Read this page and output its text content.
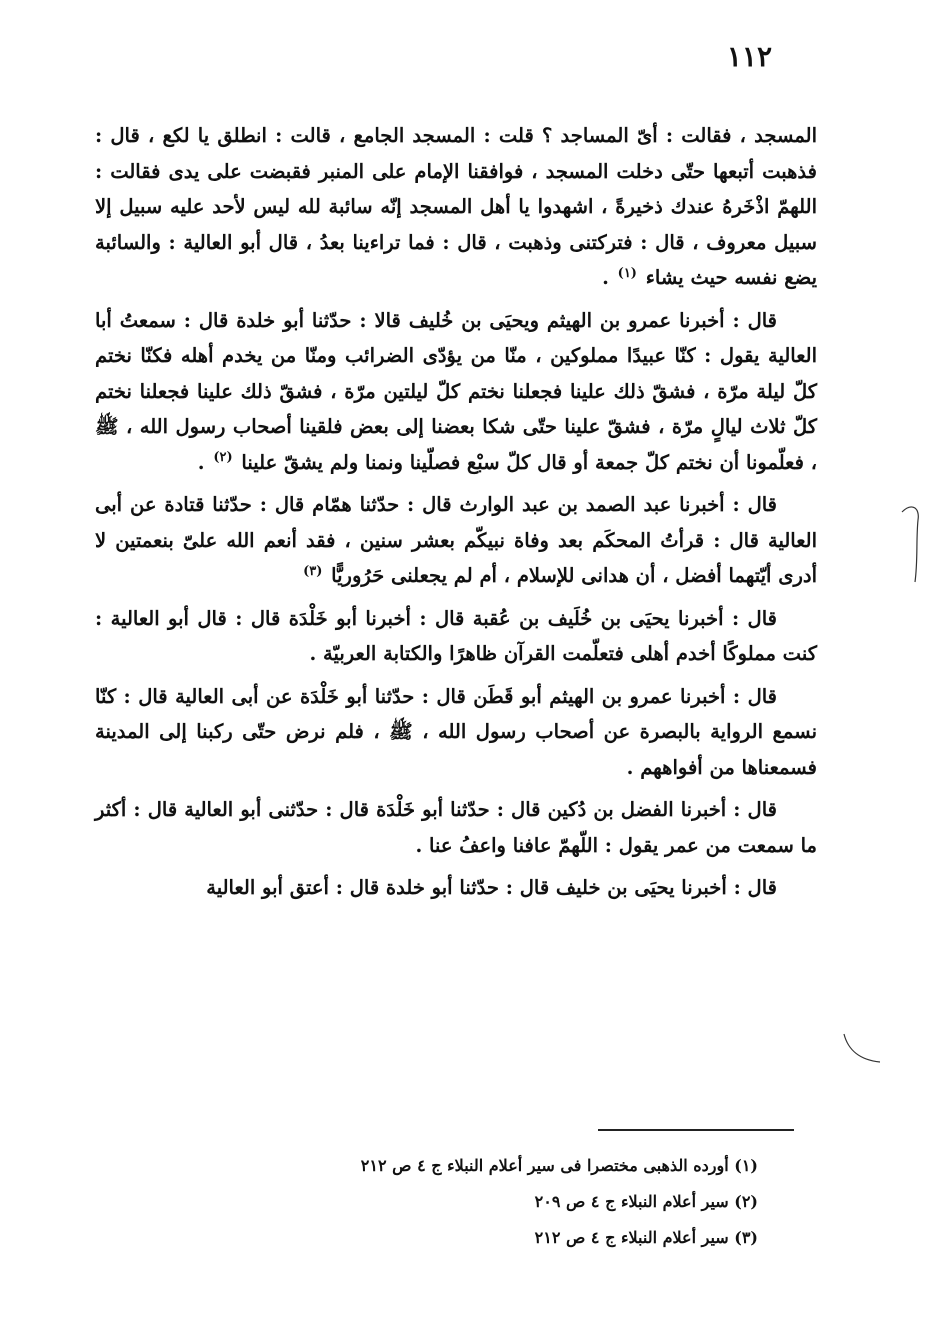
١١٢

المسجد ، فقالت : أىّ المساجد ؟ قلت : المسجد الجامع ، قالت : انطلق يا لكع ، قال : فذهبت أتبعها حتّى دخلت المسجد ، فوافقنا الإمام على المنبر فقبضت على يدى فقالت : اللهمّ اذْخَرهُ عندك ذخيرةً ، اشهدوا يا أهل المسجد إنّه سائبة لله ليس لأحد عليه سبيل إلا سبيل معروف ، قال : فتركتنى وذهبت ، قال : فما تراءينا بعدُ ، قال أبو العالية : والسائبة يضع نفسه حيث يشاء $^{(١)}$ .

قال : أخبرنا عمرو بن الهيثم ويحيَى بن خُليف قالا : حدّثنا أبو خلدة قال : سمعتُ أبا العالية يقول : كنّا عبيدًا مملوكين ، منّا من يؤدّى الضرائب ومنّا من يخدم أهله فكنّا نختم كلّ ليلة مرّة ، فشقّ ذلك علينا فجعلنا نختم كلّ ليلتين مرّة ، فشقّ ذلك علينا فجعلنا نختم كلّ ثلاث ليالٍ مرّة ، فشقّ علينا حتّى شكا بعضنا إلى بعض فلقينا أصحاب رسول الله ، ﷺ ، فعلّمونا أن نختم كلّ جمعة أو قال كلّ سبْع فصلّينا ونمنا ولم يشقّ علينا $^{(٢)}$ .

قال : أخبرنا عبد الصمد بن عبد الوارث قال : حدّثنا همّام قال : حدّثنا قتادة عن أبى العالية قال : قرأتُ المحكَم بعد وفاة نبيكّم بعشر سنين ، فقد أنعم الله علىّ بنعمتين لا أدرى أيّتهما أفضل ، أن هدانى للإسلام ، أم لم يجعلنى حَرُوريًّا $^{(٣)}$

قال : أخبرنا يحيَى بن خُلَيف بن عُقبة قال : أخبرنا أبو خَلْدَة قال : قال أبو العالية : كنت مملوكًا أخدم أهلى فتعلّمت القرآن ظاهرًا والكتابة العربيّة .

قال : أخبرنا عمرو بن الهيثم أبو قَطَن قال : حدّثنا أبو خَلْدَة عن أبى العالية قال : كنّا نسمع الرواية بالبصرة عن أصحاب رسول الله ، ﷺ ، فلم نرض حتّى ركبنا إلى المدينة فسمعناها من أفواههم .

قال : أخبرنا الفضل بن دُكين قال : حدّثنا أبو خَلْدَة قال : حدّثنى أبو العالية قال : أكثر ما سمعت من عمر يقول : اللّهمّ عافنا واعفُ عنا .

قال : أخبرنا يحيَى بن خليف قال : حدّثنا أبو خلدة قال : أعتق أبو العالية

(١) أورده الذهبى مختصرا فى سير أعلام النبلاء ج ٤ ص ٢١٢
(٢) سير أعلام النبلاء ج ٤ ص ٢٠٩
(٣) سير أعلام النبلاء ج ٤ ص ٢١٢
